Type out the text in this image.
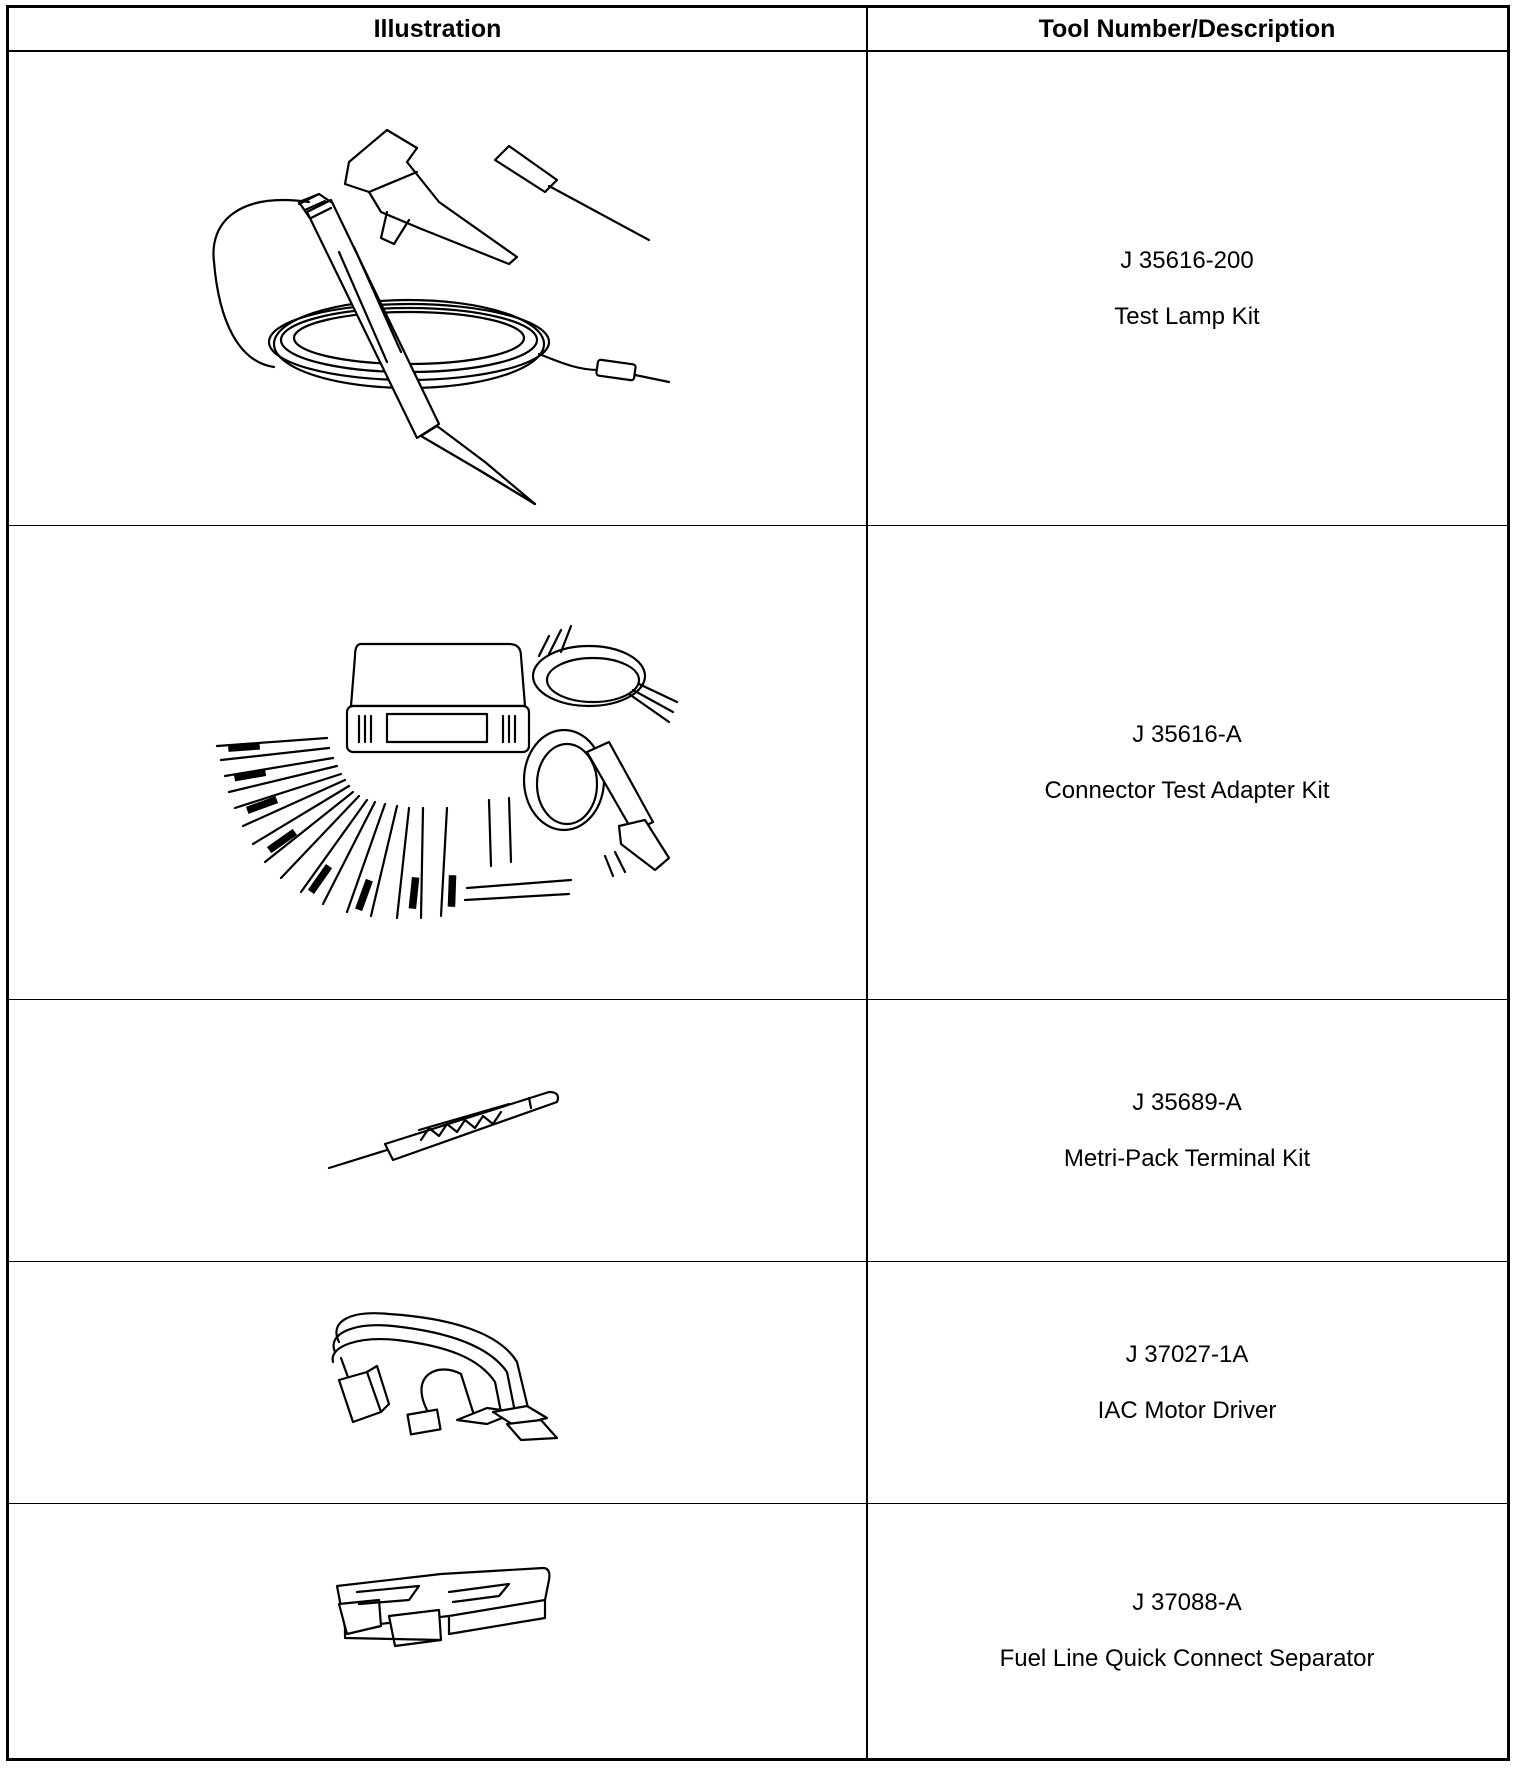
Illustration	Tool Number/Description
J 35616-200
Test Lamp Kit
J 35616-A
Connector Test Adapter Kit
J 35689-A
Metri-Pack Terminal Kit
J 37027-1A
IAC Motor Driver
J 37088-A
Fuel Line Quick Connect Separator
